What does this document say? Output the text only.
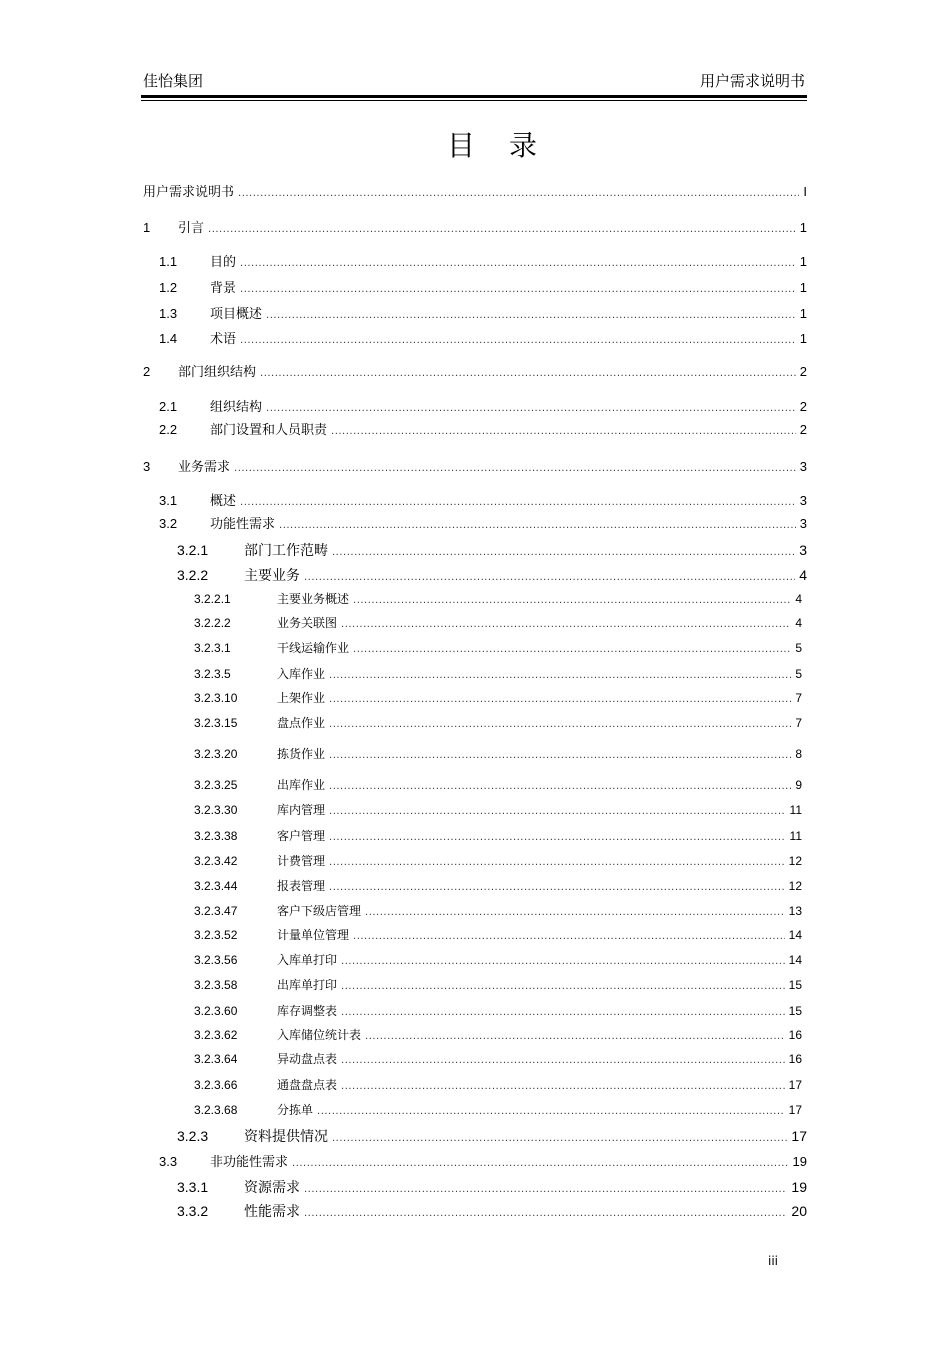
佳怡集团	用户需求说明书
目录
用户需求说明书 .....	I
1	引言 .....	1
1.1	目的 .....	1
1.2	背景 .....	1
1.3	项目概述 .....	1
1.4	术语 .....	1
2	部门组织结构 .....	2
2.1	组织结构 .....	2
2.2	部门设置和人员职责 .....	2
3	业务需求 .....	3
3.1	概述 .....	3
3.2	功能性需求 .....	3
3.2.1	部门工作范畴 .....	3
3.2.2	主要业务 .....	4
3.2.2.1	主要业务概述 .....	4
3.2.2.2	业务关联图 .....	4
3.2.3.1	干线运输作业 .....	5
3.2.3.5	入库作业 .....	5
3.2.3.10	上架作业 .....	7
3.2.3.15	盘点作业 .....	7
3.2.3.20	拣货作业 .....	8
3.2.3.25	出库作业 .....	9
3.2.3.30	库内管理 .....	11
3.2.3.38	客户管理 .....	11
3.2.3.42	计费管理 .....	12
3.2.3.44	报表管理 .....	12
3.2.3.47	客户下级店管理 .....	13
3.2.3.52	计量单位管理 .....	14
3.2.3.56	入库单打印 .....	14
3.2.3.58	出库单打印 .....	15
3.2.3.60	库存调整表 .....	15
3.2.3.62	入库储位统计表 .....	16
3.2.3.64	异动盘点表 .....	16
3.2.3.66	通盘盘点表 .....	17
3.2.3.68	分拣单 .....	17
3.2.3	资料提供情况 .....	17
3.3	非功能性需求 .....	19
3.3.1	资源需求 .....	19
3.3.2	性能需求 .....	20
iii
